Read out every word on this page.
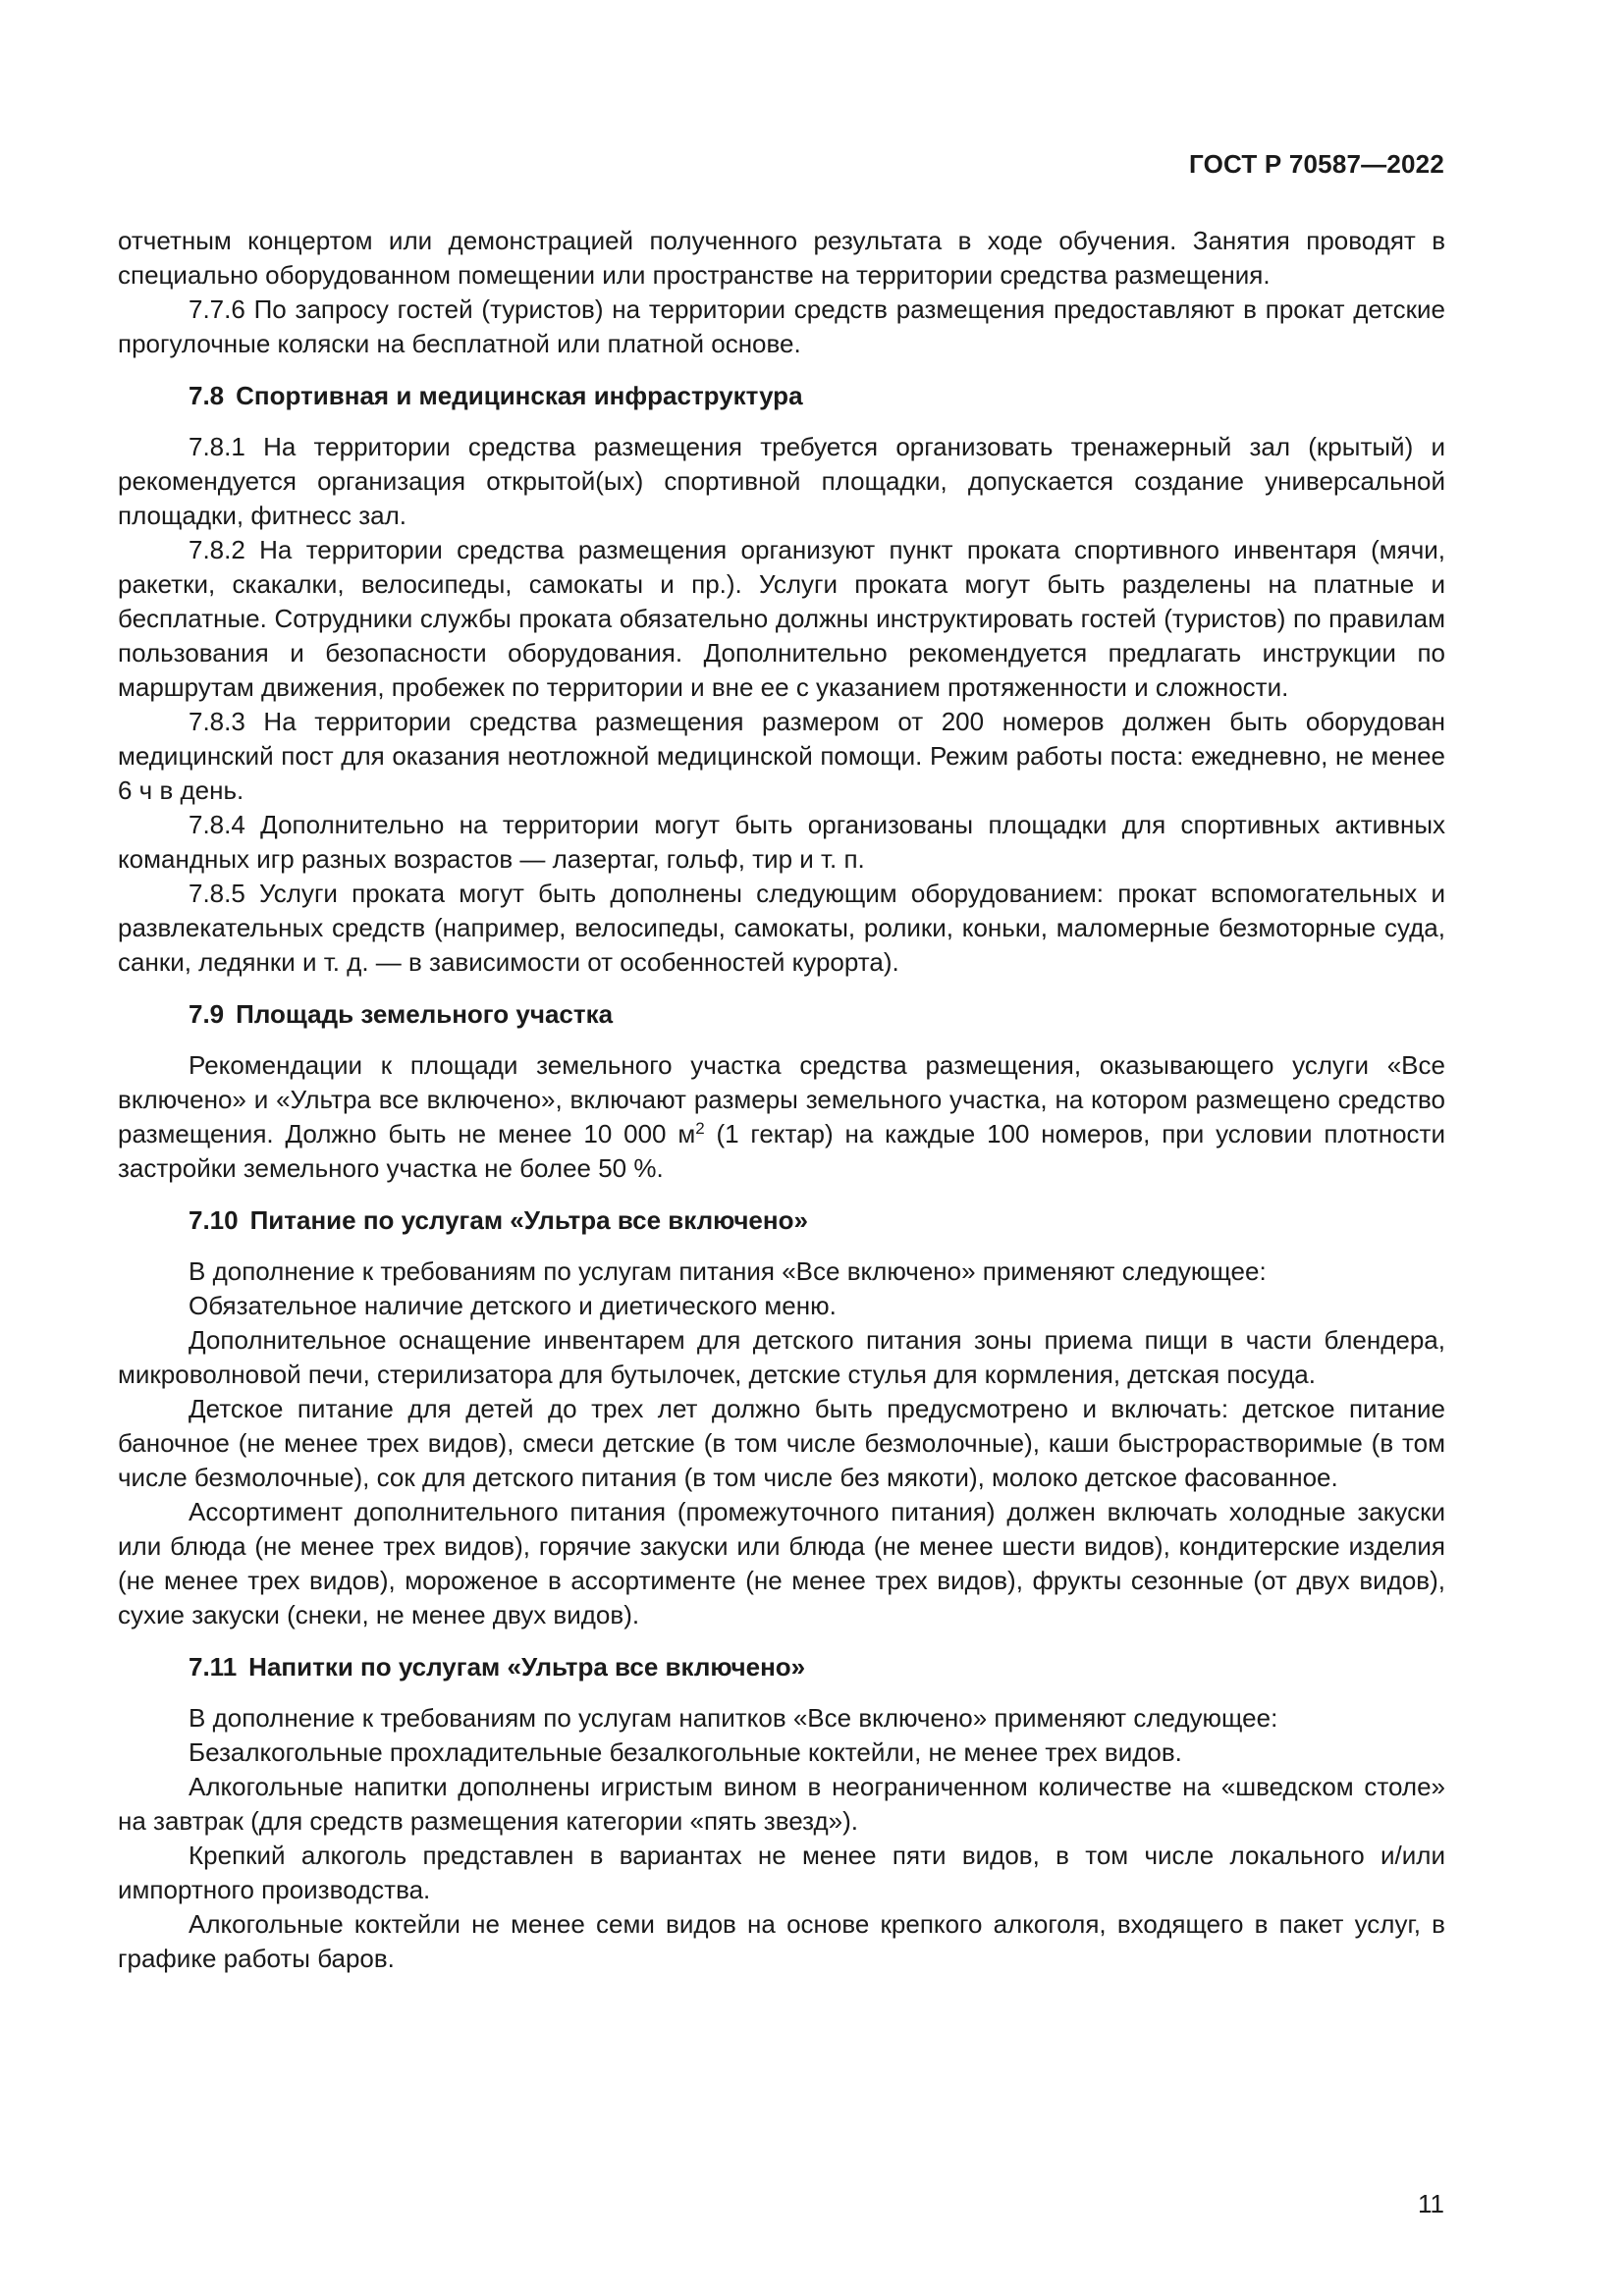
ГОСТ Р 70587—2022

отчетным концертом или демонстрацией полученного результата в ходе обучения. Занятия проводят в специально оборудованном помещении или пространстве на территории средства размещения.

7.7.6 По запросу гостей (туристов) на территории средств размещения предоставляют в прокат детские прогулочные коляски на бесплатной или платной основе.

7.8 Спортивная и медицинская инфраструктура

7.8.1 На территории средства размещения требуется организовать тренажерный зал (крытый) и рекомендуется организация открытой(ых) спортивной площадки, допускается создание универсальной площадки, фитнесс зал.

7.8.2 На территории средства размещения организуют пункт проката спортивного инвентаря (мячи, ракетки, скакалки, велосипеды, самокаты и пр.). Услуги проката могут быть разделены на платные и бесплатные. Сотрудники службы проката обязательно должны инструктировать гостей (туристов) по правилам пользования и безопасности оборудования. Дополнительно рекомендуется предлагать инструкции по маршрутам движения, пробежек по территории и вне ее с указанием протяженности и сложности.

7.8.3 На территории средства размещения размером от 200 номеров должен быть оборудован медицинский пост для оказания неотложной медицинской помощи. Режим работы поста: ежедневно, не менее 6 ч в день.

7.8.4 Дополнительно на территории могут быть организованы площадки для спортивных активных командных игр разных возрастов — лазертаг, гольф, тир и т. п.

7.8.5 Услуги проката могут быть дополнены следующим оборудованием: прокат вспомогательных и развлекательных средств (например, велосипеды, самокаты, ролики, коньки, маломерные безмоторные суда, санки, ледянки и т. д. — в зависимости от особенностей курорта).

7.9 Площадь земельного участка

Рекомендации к площади земельного участка средства размещения, оказывающего услуги «Все включено» и «Ультра все включено», включают размеры земельного участка, на котором размещено средство размещения. Должно быть не менее 10 000 $м^2$ (1 гектар) на каждые 100 номеров, при условии плотности застройки земельного участка не более 50 %.

7.10 Питание по услугам «Ультра все включено»

В дополнение к требованиям по услугам питания «Все включено» применяют следующее:

Обязательное наличие детского и диетического меню.

Дополнительное оснащение инвентарем для детского питания зоны приема пищи в части блендера, микроволновой печи, стерилизатора для бутылочек, детские стулья для кормления, детская посуда.

Детское питание для детей до трех лет должно быть предусмотрено и включать: детское питание баночное (не менее трех видов), смеси детские (в том числе безмолочные), каши быстрорастворимые (в том числе безмолочные), сок для детского питания (в том числе без мякоти), молоко детское фасованное.

Ассортимент дополнительного питания (промежуточного питания) должен включать холодные закуски или блюда (не менее трех видов), горячие закуски или блюда (не менее шести видов), кондитерские изделия (не менее трех видов), мороженое в ассортименте (не менее трех видов), фрукты сезонные (от двух видов), сухие закуски (снеки, не менее двух видов).

7.11 Напитки по услугам «Ультра все включено»

В дополнение к требованиям по услугам напитков «Все включено» применяют следующее:

Безалкогольные прохладительные безалкогольные коктейли, не менее трех видов.

Алкогольные напитки дополнены игристым вином в неограниченном количестве на «шведском столе» на завтрак (для средств размещения категории «пять звезд»).

Крепкий алкоголь представлен в вариантах не менее пяти видов, в том числе локального и/или импортного производства.

Алкогольные коктейли не менее семи видов на основе крепкого алкоголя, входящего в пакет услуг, в графике работы баров.

11
